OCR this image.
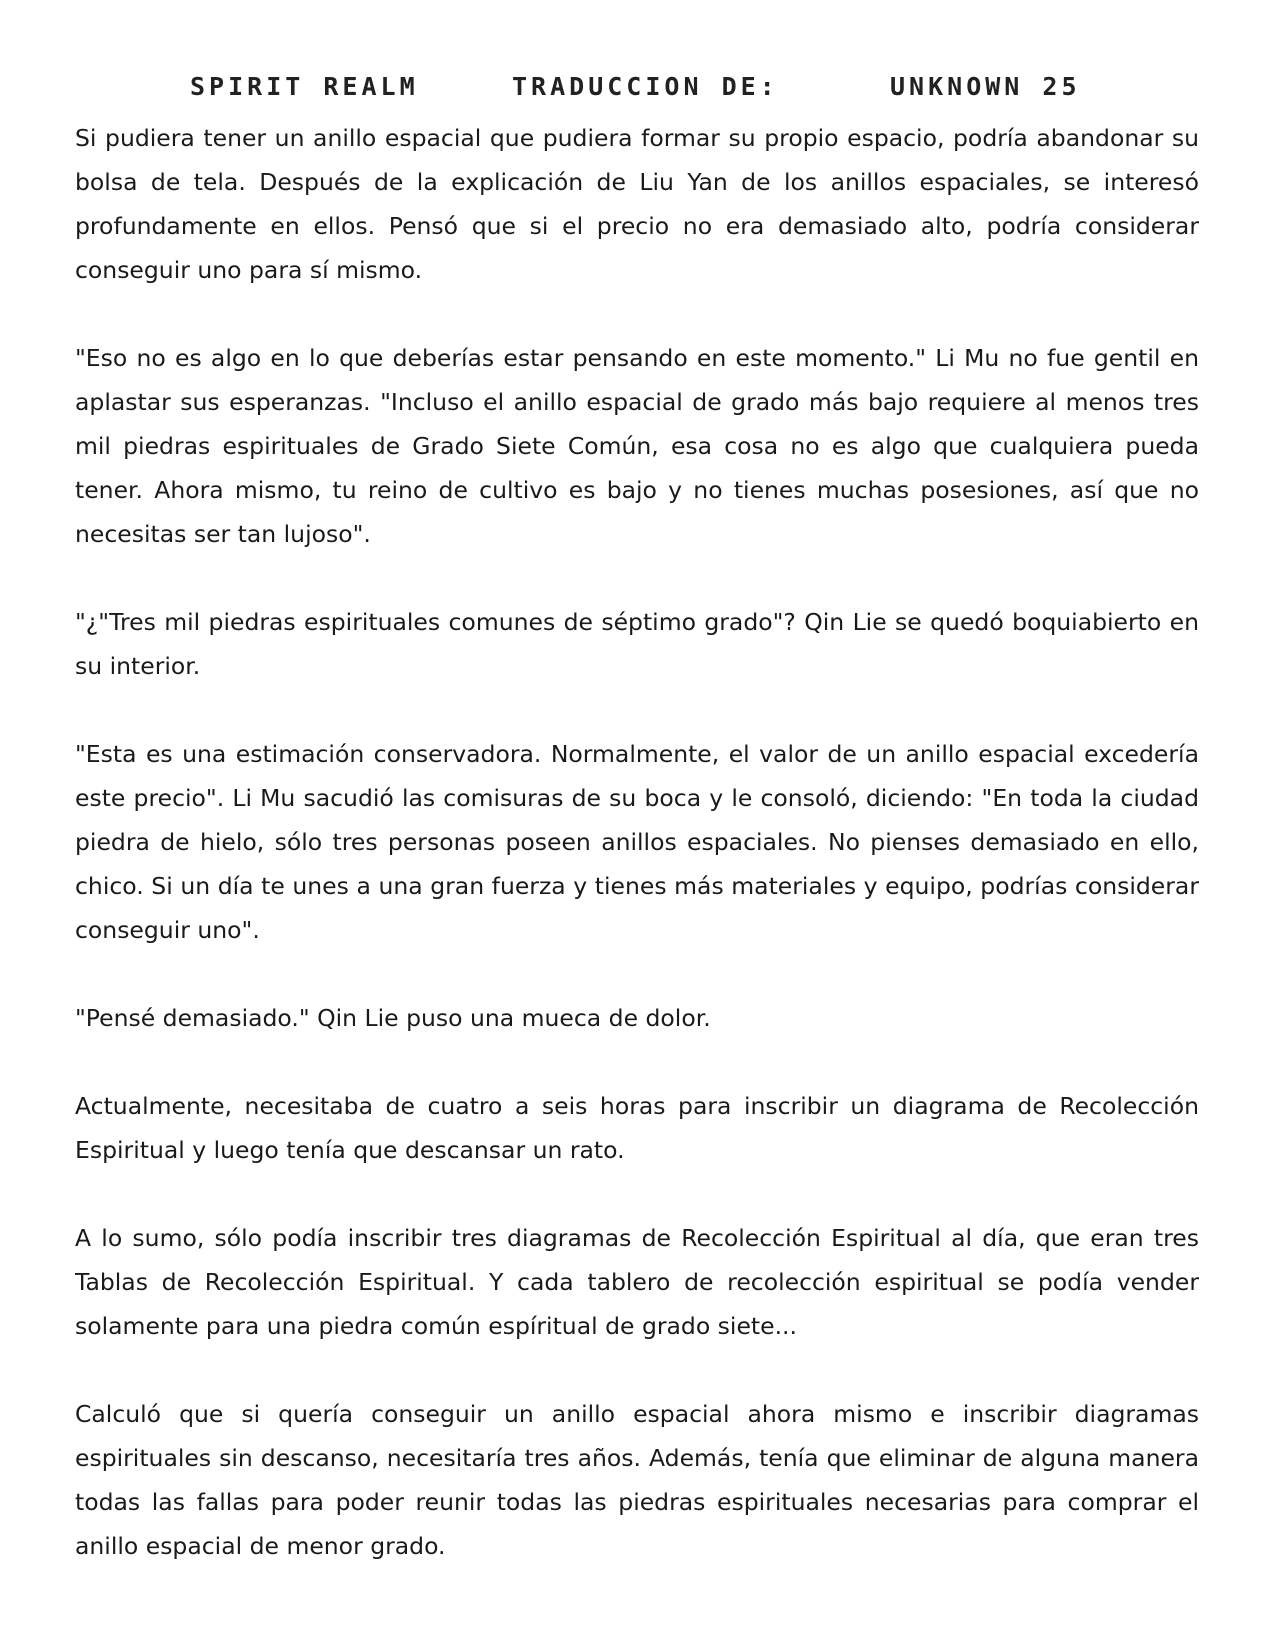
SPIRIT REALM	TRADUCCION DE:	UNKNOWN 25

Si pudiera tener un anillo espacial que pudiera formar su propio espacio, podría abandonar su bolsa de tela. Después de la explicación de Liu Yan de los anillos espaciales, se interesó profundamente en ellos. Pensó que si el precio no era demasiado alto, podría considerar conseguir uno para sí mismo.

"Eso no es algo en lo que deberías estar pensando en este momento." Li Mu no fue gentil en aplastar sus esperanzas. "Incluso el anillo espacial de grado más bajo requiere al menos tres mil piedras espirituales de Grado Siete Común, esa cosa no es algo que cualquiera pueda tener. Ahora mismo, tu reino de cultivo es bajo y no tienes muchas posesiones, así que no necesitas ser tan lujoso".

"¿"Tres mil piedras espirituales comunes de séptimo grado"? Qin Lie se quedó boquiabierto en su interior.

"Esta es una estimación conservadora. Normalmente, el valor de un anillo espacial excedería este precio". Li Mu sacudió las comisuras de su boca y le consoló, diciendo: "En toda la ciudad piedra de hielo, sólo tres personas poseen anillos espaciales. No pienses demasiado en ello, chico. Si un día te unes a una gran fuerza y tienes más materiales y equipo, podrías considerar conseguir uno".

"Pensé demasiado." Qin Lie puso una mueca de dolor.

Actualmente, necesitaba de cuatro a seis horas para inscribir un diagrama de Recolección Espiritual y luego tenía que descansar un rato.

A lo sumo, sólo podía inscribir tres diagramas de Recolección Espiritual al día, que eran tres Tablas de Recolección Espiritual. Y cada tablero de recolección espiritual se podía vender solamente para una piedra común espíritual de grado siete...

Calculó que si quería conseguir un anillo espacial ahora mismo e inscribir diagramas espirituales sin descanso, necesitaría tres años. Además, tenía que eliminar de alguna manera todas las fallas para poder reunir todas las piedras espirituales necesarias para comprar el anillo espacial de menor grado.
